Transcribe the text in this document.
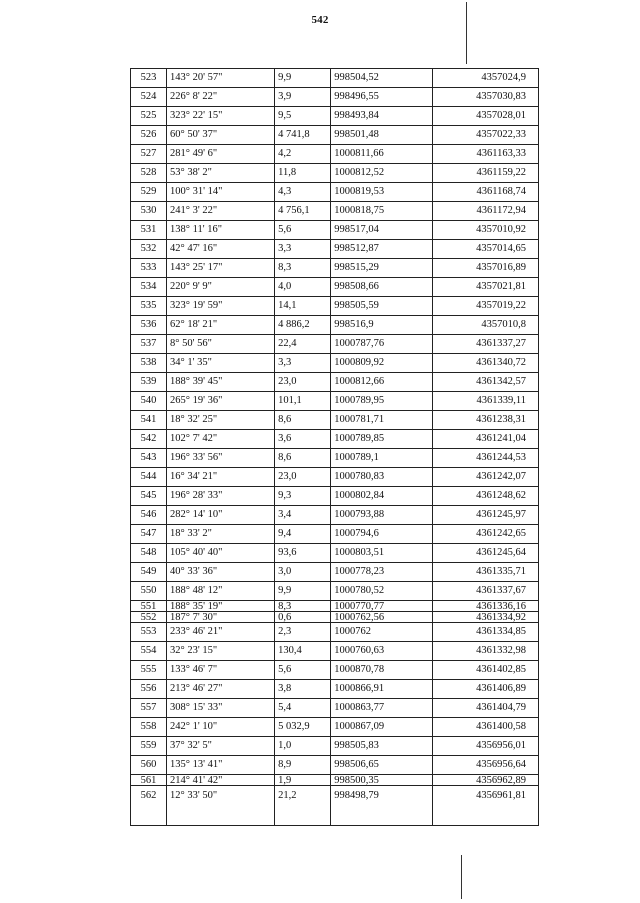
542
523	143° 20' 57"	9,9	998504,52	4357024,9
524	226° 8' 22"	3,9	998496,55	4357030,83
525	323° 22' 15"	9,5	998493,84	4357028,01
526	60° 50' 37"	4 741,8	998501,48	4357022,33
527	281° 49' 6"	4,2	1000811,66	4361163,33
528	53° 38' 2"	11,8	1000812,52	4361159,22
529	100° 31' 14"	4,3	1000819,53	4361168,74
530	241° 3' 22"	4 756,1	1000818,75	4361172,94
531	138° 11' 16"	5,6	998517,04	4357010,92
532	42° 47' 16"	3,3	998512,87	4357014,65
533	143° 25' 17"	8,3	998515,29	4357016,89
534	220° 9' 9"	4,0	998508,66	4357021,81
535	323° 19' 59"	14,1	998505,59	4357019,22
536	62° 18' 21"	4 886,2	998516,9	4357010,8
537	8° 50' 56"	22,4	1000787,76	4361337,27
538	34° 1' 35"	3,3	1000809,92	4361340,72
539	188° 39' 45"	23,0	1000812,66	4361342,57
540	265° 19' 36"	101,1	1000789,95	4361339,11
541	18° 32' 25"	8,6	1000781,71	4361238,31
542	102° 7' 42"	3,6	1000789,85	4361241,04
543	196° 33' 56"	8,6	1000789,1	4361244,53
544	16° 34' 21"	23,0	1000780,83	4361242,07
545	196° 28' 33"	9,3	1000802,84	4361248,62
546	282° 14' 10"	3,4	1000793,88	4361245,97
547	18° 33' 2"	9,4	1000794,6	4361242,65
548	105° 40' 40"	93,6	1000803,51	4361245,64
549	40° 33' 36"	3,0	1000778,23	4361335,71
550	188° 48' 12"	9,9	1000780,52	4361337,67
551	188° 35' 19"	8,3	1000770,77	4361336,16
552	187° 7' 30"	0,6	1000762,56	4361334,92
553	233° 46' 21"	2,3	1000762	4361334,85
554	32° 23' 15"	130,4	1000760,63	4361332,98
555	133° 46' 7"	5,6	1000870,78	4361402,85
556	213° 46' 27"	3,8	1000866,91	4361406,89
557	308° 15' 33"	5,4	1000863,77	4361404,79
558	242° 1' 10"	5 032,9	1000867,09	4361400,58
559	37° 32' 5"	1,0	998505,83	4356956,01
560	135° 13' 41"	8,9	998506,65	4356956,64
561	214° 41' 42"	1,9	998500,35	4356962,89
562	12° 33' 50"	21,2	998498,79	4356961,81
